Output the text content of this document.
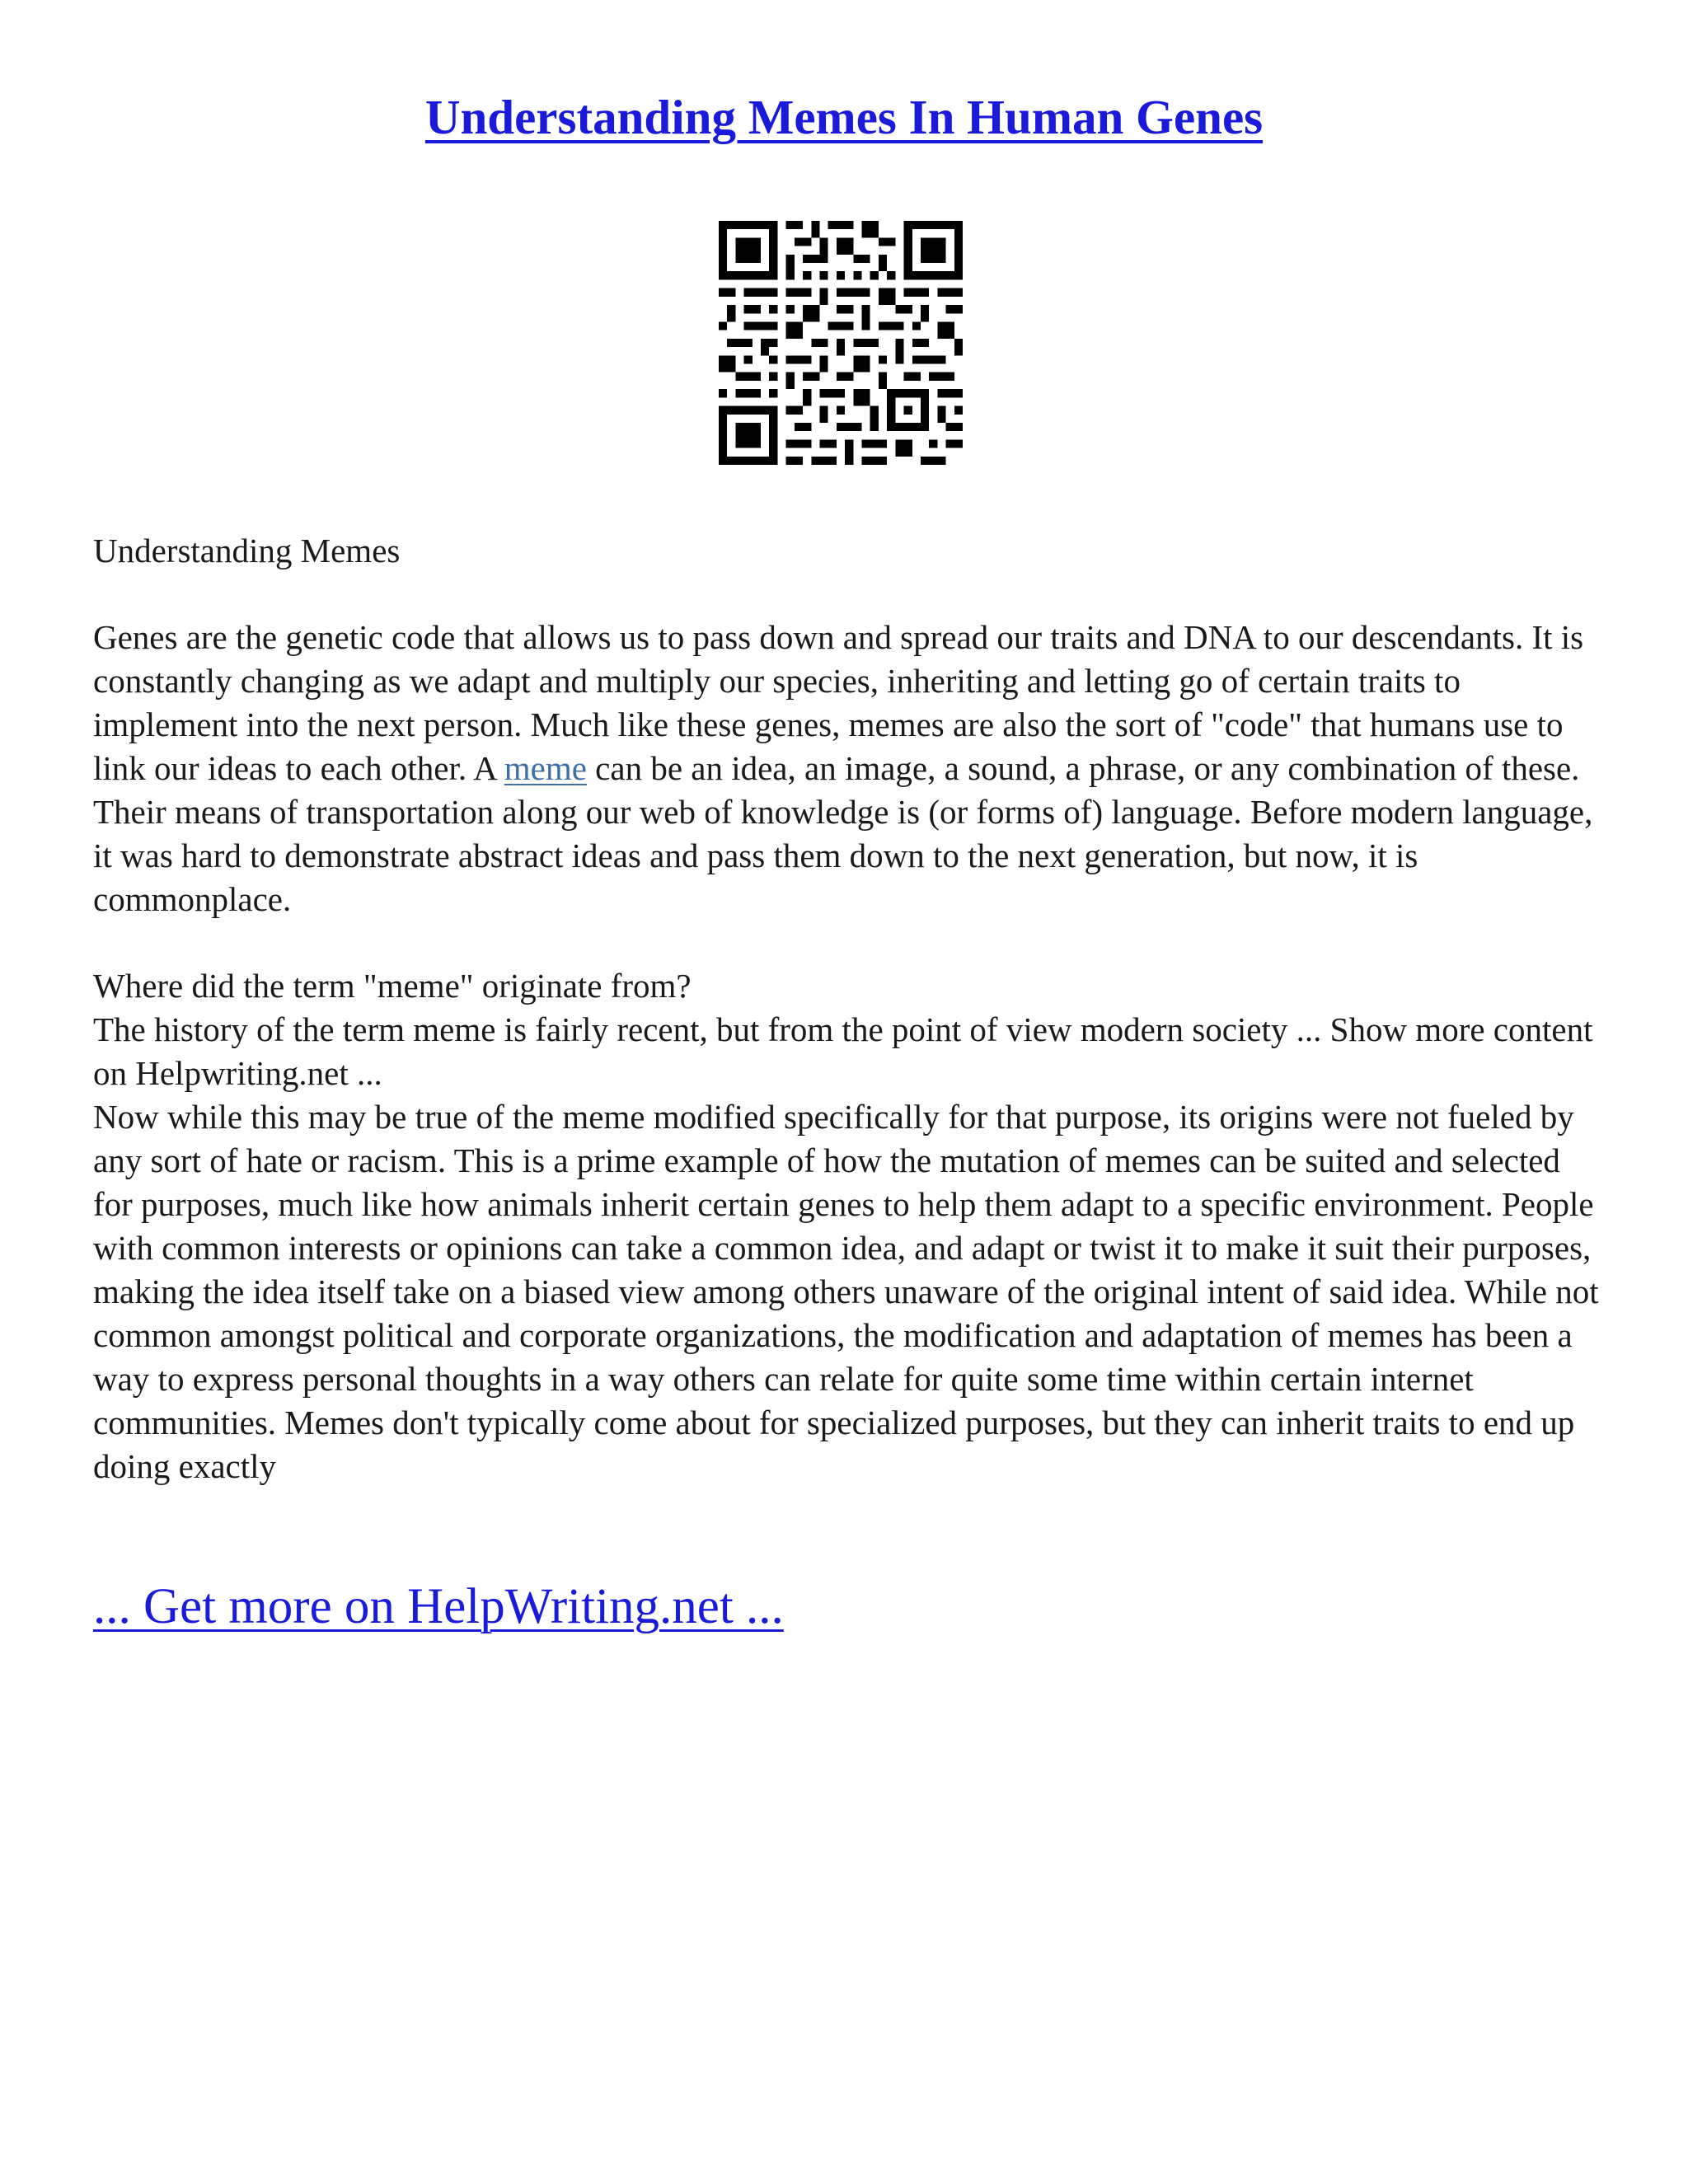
Understanding Memes In Human Genes

Understanding Memes

Genes are the genetic code that allows us to pass down and spread our traits and DNA to our descendants. It is constantly changing as we adapt and multiply our species, inheriting and letting go of certain traits to implement into the next person. Much like these genes, memes are also the sort of "code" that humans use to link our ideas to each other. A meme can be an idea, an image, a sound, a phrase, or any combination of these. Their means of transportation along our web of knowledge is (or forms of) language. Before modern language, it was hard to demonstrate abstract ideas and pass them down to the next generation, but now, it is commonplace.

Where did the term "meme" originate from?

The history of the term meme is fairly recent, but from the point of view modern society ... Show more content on Helpwriting.net ...

Now while this may be true of the meme modified specifically for that purpose, its origins were not fueled by any sort of hate or racism. This is a prime example of how the mutation of memes can be suited and selected for purposes, much like how animals inherit certain genes to help them adapt to a specific environment. People with common interests or opinions can take a common idea, and adapt or twist it to make it suit their purposes, making the idea itself take on a biased view among others unaware of the original intent of said idea. While not common amongst political and corporate organizations, the modification and adaptation of memes has been a way to express personal thoughts in a way others can relate for quite some time within certain internet communities. Memes don't typically come about for specialized purposes, but they can inherit traits to end up doing exactly

... Get more on HelpWriting.net ...
